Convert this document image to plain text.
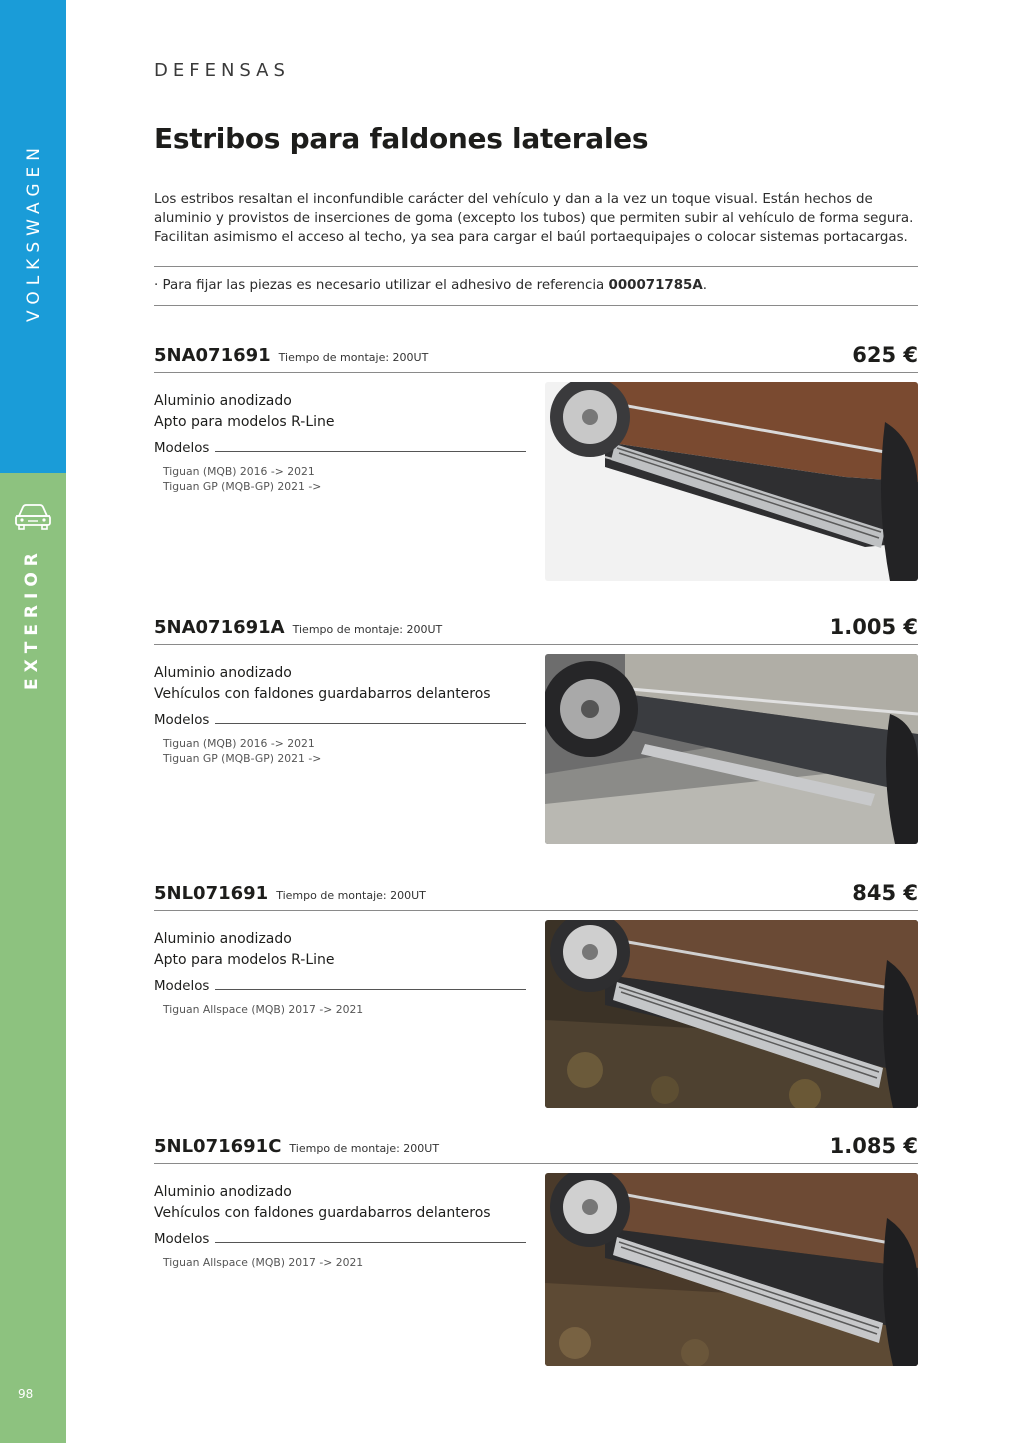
VOLKSWAGEN
EXTERIOR
98
DEFENSAS
Estribos para faldones laterales

Los estribos resaltan el inconfundible carácter del vehículo y dan a la vez un toque visual. Están hechos de aluminio y provistos de inserciones de goma (excepto los tubos) que permiten subir al vehículo de forma segura. Facilitan asimismo el acceso al techo, ya sea para cargar el baúl portaequipajes o colocar sistemas portacargas.

· Para fijar las piezas es necesario utilizar el adhesivo de referencia 000071785A.

5NA071691 Tiempo de montaje: 200UT	625 €
Aluminio anodizado
Apto para modelos R-Line
Modelos
Tiguan (MQB) 2016 -> 2021
Tiguan GP (MQB-GP) 2021 ->
5NA071691A Tiempo de montaje: 200UT	1.005 €
Aluminio anodizado
Vehículos con faldones guardabarros delanteros
Modelos
Tiguan (MQB) 2016 -> 2021
Tiguan GP (MQB-GP) 2021 ->
5NL071691 Tiempo de montaje: 200UT	845 €
Aluminio anodizado
Apto para modelos R-Line
Modelos
Tiguan Allspace (MQB) 2017 -> 2021
5NL071691C Tiempo de montaje: 200UT	1.085 €
Aluminio anodizado
Vehículos con faldones guardabarros delanteros
Modelos
Tiguan Allspace (MQB) 2017 -> 2021
